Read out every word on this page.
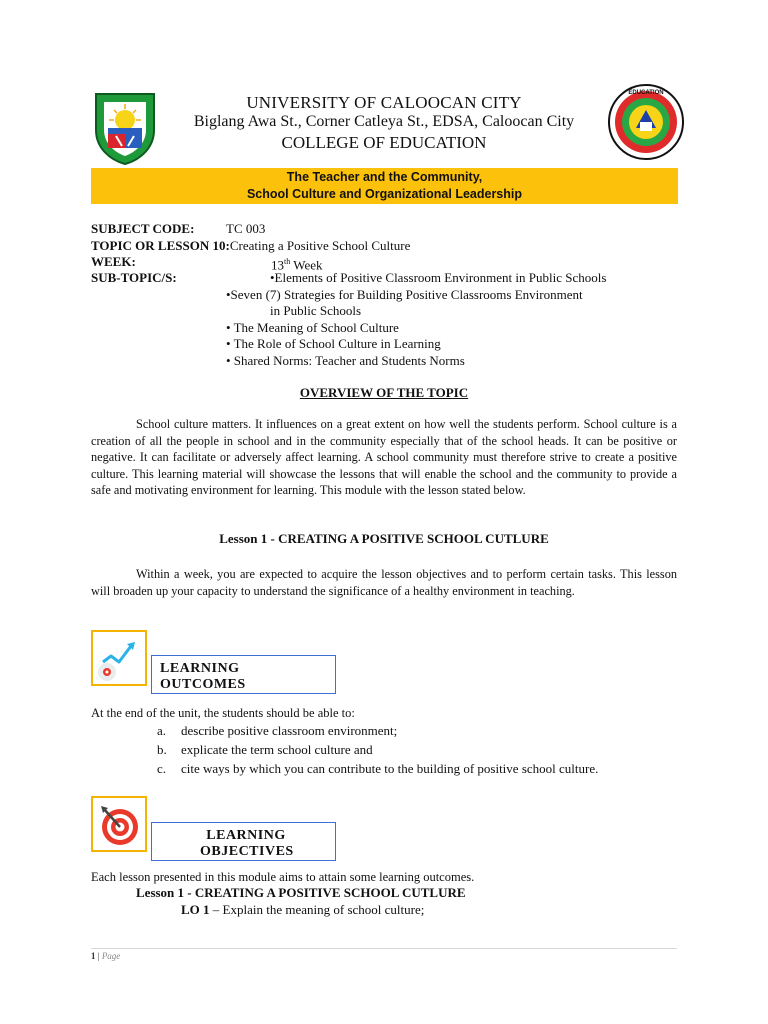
UNIVERSITY OF CALOOCAN CITY
Biglang Awa St., Corner Catleya St., EDSA, Caloocan City
COLLEGE OF EDUCATION
EDUCATION
The Teacher and the Community,
School Culture and Organizational Leadership
SUBJECT CODE: TC 003
TOPIC OR LESSON 10:Creating a Positive School Culture
WEEK:	13th Week
SUB-TOPIC/S:	•Elements of Positive Classroom Environment in Public Schools
•Seven (7) Strategies for Building Positive Classrooms Environment
in Public Schools
• The Meaning of School Culture
• The Role of School Culture in Learning
• Shared Norms: Teacher and Students Norms
OVERVIEW OF THE TOPIC
School culture matters. It influences on a great extent on how well the students perform. School culture is a creation of all the people in school and in the community especially that of the school heads. It can be positive or negative. It can facilitate or adversely affect learning. A school community must therefore strive to create a positive culture. This learning material will showcase the lessons that will enable the school and the community to provide a safe and motivating environment for learning. This module with the lesson stated below.
Lesson 1 - CREATING A POSITIVE SCHOOL CUTLURE
Within a week, you are expected to acquire the lesson objectives and to perform certain tasks. This lesson will broaden up your capacity to understand the significance of a healthy environment in teaching.
LEARNING OUTCOMES
At the end of the unit, the students should be able to:
a. describe positive classroom environment;
b. explicate the term school culture and
c. cite ways by which you can contribute to the building of positive school culture.
LEARNING OBJECTIVES
Each lesson presented in this module aims to attain some learning outcomes.
Lesson 1 - CREATING A POSITIVE SCHOOL CUTLURE
LO 1 – Explain the meaning of school culture;
1 | Page
